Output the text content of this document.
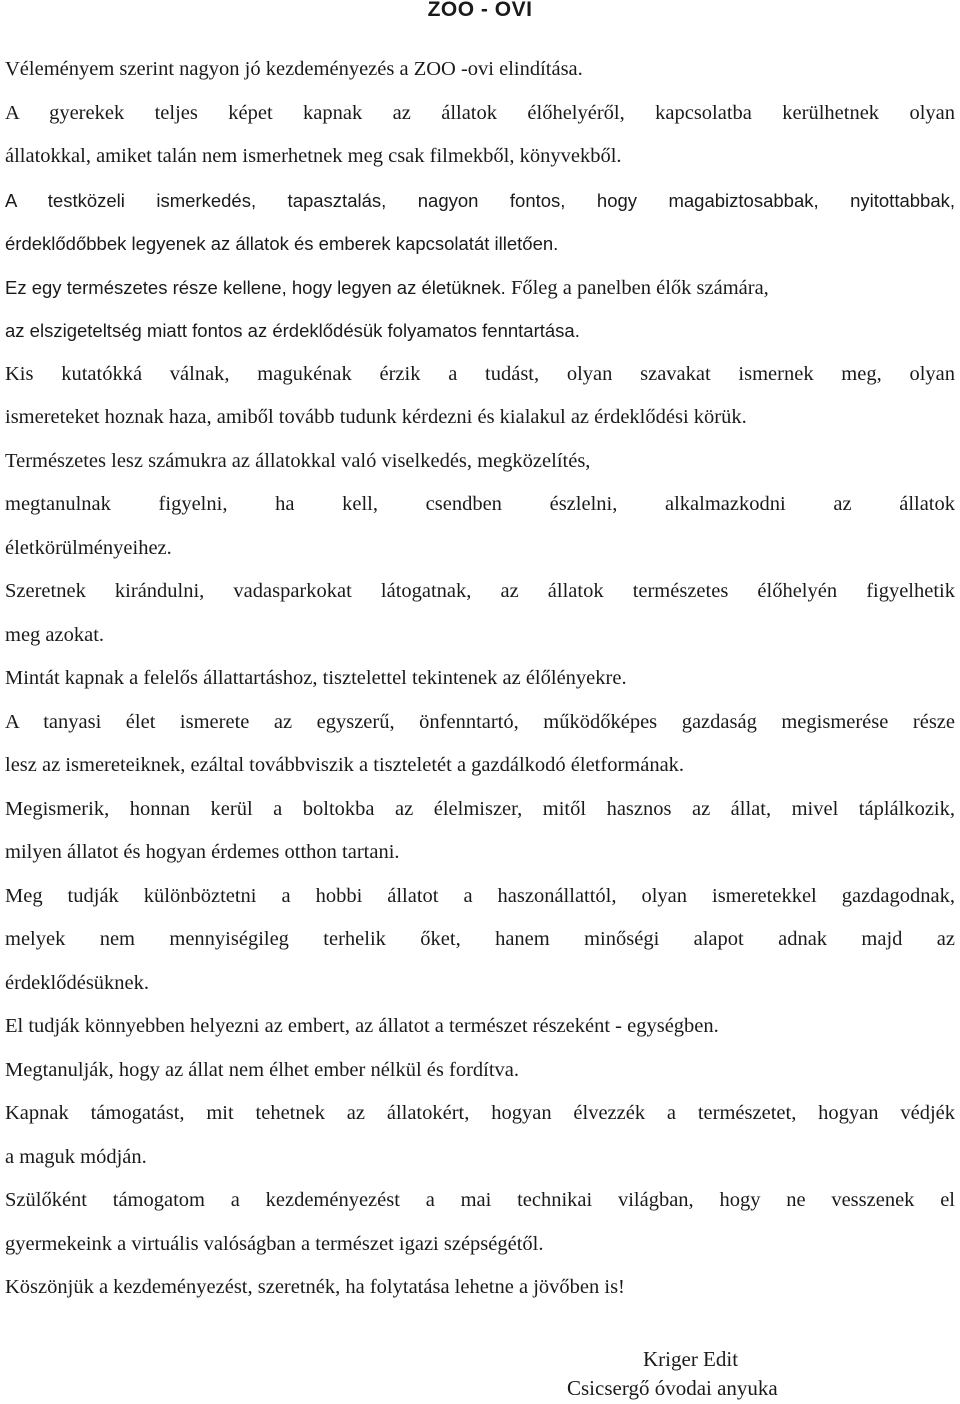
ZOO - OVI
Véleményem szerint nagyon jó kezdeményezés a ZOO -ovi elindítása.
A gyerekek teljes képet kapnak az állatok élőhelyéről, kapcsolatba kerülhetnek olyan
állatokkal, amiket talán nem ismerhetnek meg csak filmekből, könyvekből.
A testközeli ismerkedés, tapasztalás, nagyon fontos, hogy magabiztosabbak, nyitottabbak,
érdeklődőbbek legyenek az állatok és emberek kapcsolatát illetően.
Ez egy természetes része kellene, hogy legyen az életüknek. Főleg a panelben élők számára,
az elszigeteltség miatt fontos az érdeklődésük folyamatos fenntartása.
Kis kutatókká válnak, magukénak érzik a tudást, olyan szavakat ismernek meg, olyan
ismereteket hoznak haza, amiből tovább tudunk kérdezni és kialakul az érdeklődési körük.
Természetes lesz számukra az állatokkal való viselkedés, megközelítés,
megtanulnak figyelni, ha kell, csendben észlelni, alkalmazkodni az állatok
életkörülményeihez.
Szeretnek kirándulni, vadasparkokat látogatnak, az állatok természetes élőhelyén figyelhetik
meg azokat.
Mintát kapnak a felelős állattartáshoz, tisztelettel tekintenek az élőlényekre.
A tanyasi élet ismerete az egyszerű, önfenntartó, működőképes gazdaság megismerése része
lesz az ismereteiknek, ezáltal továbbviszik a tiszteletét a gazdálkodó életformának.
Megismerik, honnan kerül a boltokba az élelmiszer, mitől hasznos az állat, mivel táplálkozik,
milyen állatot és hogyan érdemes otthon tartani.
Meg tudják különböztetni a hobbi állatot a haszonállattól, olyan ismeretekkel gazdagodnak,
melyek nem mennyiségileg terhelik őket, hanem minőségi alapot adnak majd az
érdeklődésüknek.
El tudják könnyebben helyezni az embert, az állatot a természet részeként - egységben.
Megtanulják, hogy az állat nem élhet ember nélkül és fordítva.
Kapnak támogatást, mit tehetnek az állatokért, hogyan élvezzék a természetet, hogyan védjék
a maguk módján.
Szülőként támogatom a kezdeményezést a mai technikai világban, hogy ne vesszenek el
gyermekeink a virtuális valóságban a természet igazi szépségétől.
Köszönjük a kezdeményezést, szeretnék, ha folytatása lehetne a jövőben is!
Kriger Edit
Csicsergő óvodai anyuka
